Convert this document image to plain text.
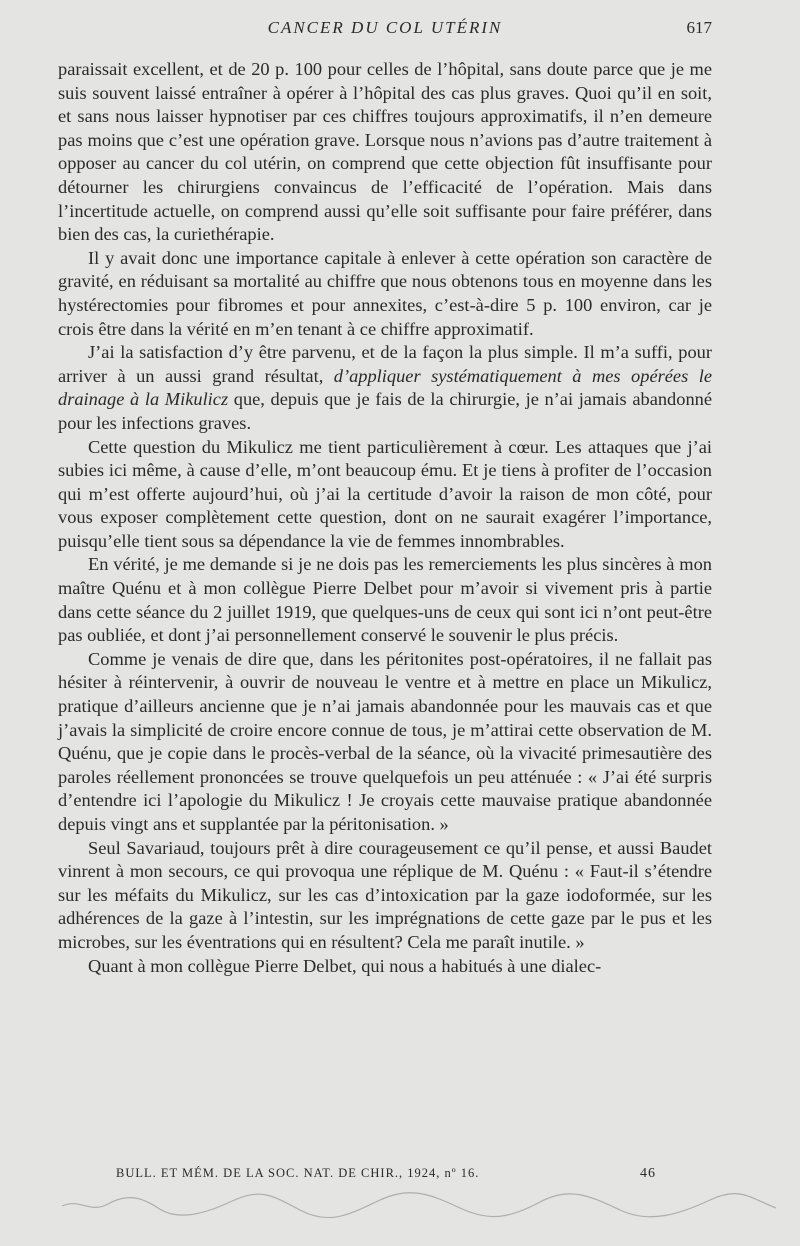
CANCER DU COL UTÉRIN	617

paraissait excellent, et de 20 p. 100 pour celles de l’hôpital, sans doute parce que je me suis souvent laissé entraîner à opérer à l’hôpital des cas plus graves. Quoi qu’il en soit, et sans nous laisser hypnotiser par ces chiffres toujours approximatifs, il n’en demeure pas moins que c’est une opération grave. Lorsque nous n’avions pas d’autre traitement à opposer au cancer du col utérin, on comprend que cette objection fût insuffisante pour détourner les chirurgiens convaincus de l’efficacité de l’opération. Mais dans l’incertitude actuelle, on comprend aussi qu’elle soit suffisante pour faire préférer, dans bien des cas, la curiethérapie.

Il y avait donc une importance capitale à enlever à cette opération son caractère de gravité, en réduisant sa mortalité au chiffre que nous obtenons tous en moyenne dans les hystérectomies pour fibromes et pour annexites, c’est-à-dire 5 p. 100 environ, car je crois être dans la vérité en m’en tenant à ce chiffre approximatif.

J’ai la satisfaction d’y être parvenu, et de la façon la plus simple. Il m’a suffi, pour arriver à un aussi grand résultat, d’appliquer systématiquement à mes opérées le drainage à la Mikulicz que, depuis que je fais de la chirurgie, je n’ai jamais abandonné pour les infections graves.

Cette question du Mikulicz me tient particulièrement à cœur. Les attaques que j’ai subies ici même, à cause d’elle, m’ont beaucoup ému. Et je tiens à profiter de l’occasion qui m’est offerte aujourd’hui, où j’ai la certitude d’avoir la raison de mon côté, pour vous exposer complètement cette question, dont on ne saurait exagérer l’importance, puisqu’elle tient sous sa dépendance la vie de femmes innombrables.

En vérité, je me demande si je ne dois pas les remerciements les plus sincères à mon maître Quénu et à mon collègue Pierre Delbet pour m’avoir si vivement pris à partie dans cette séance du 2 juillet 1919, que quelques-uns de ceux qui sont ici n’ont peut-être pas oubliée, et dont j’ai personnellement conservé le souvenir le plus précis.

Comme je venais de dire que, dans les péritonites post-opératoires, il ne fallait pas hésiter à réintervenir, à ouvrir de nouveau le ventre et à mettre en place un Mikulicz, pratique d’ailleurs ancienne que je n’ai jamais abandonnée pour les mauvais cas et que j’avais la simplicité de croire encore connue de tous, je m’attirai cette observation de M. Quénu, que je copie dans le procès-verbal de la séance, où la vivacité primesautière des paroles réellement prononcées se trouve quelquefois un peu atténuée : « J’ai été surpris d’entendre ici l’apologie du Mikulicz ! Je croyais cette mauvaise pratique abandonnée depuis vingt ans et supplantée par la péritonisation. »

Seul Savariaud, toujours prêt à dire courageusement ce qu’il pense, et aussi Baudet vinrent à mon secours, ce qui provoqua une réplique de M. Quénu : « Faut-il s’étendre sur les méfaits du Mikulicz, sur les cas d’intoxication par la gaze iodoformée, sur les adhérences de la gaze à l’intestin, sur les imprégnations de cette gaze par le pus et les microbes, sur les éventrations qui en résultent? Cela me paraît inutile. »

Quant à mon collègue Pierre Delbet, qui nous a habitués à une dialec-

BULL. ET MÉM. DE LA SOC. NAT. DE CHIR., 1924, nº 16.	46
